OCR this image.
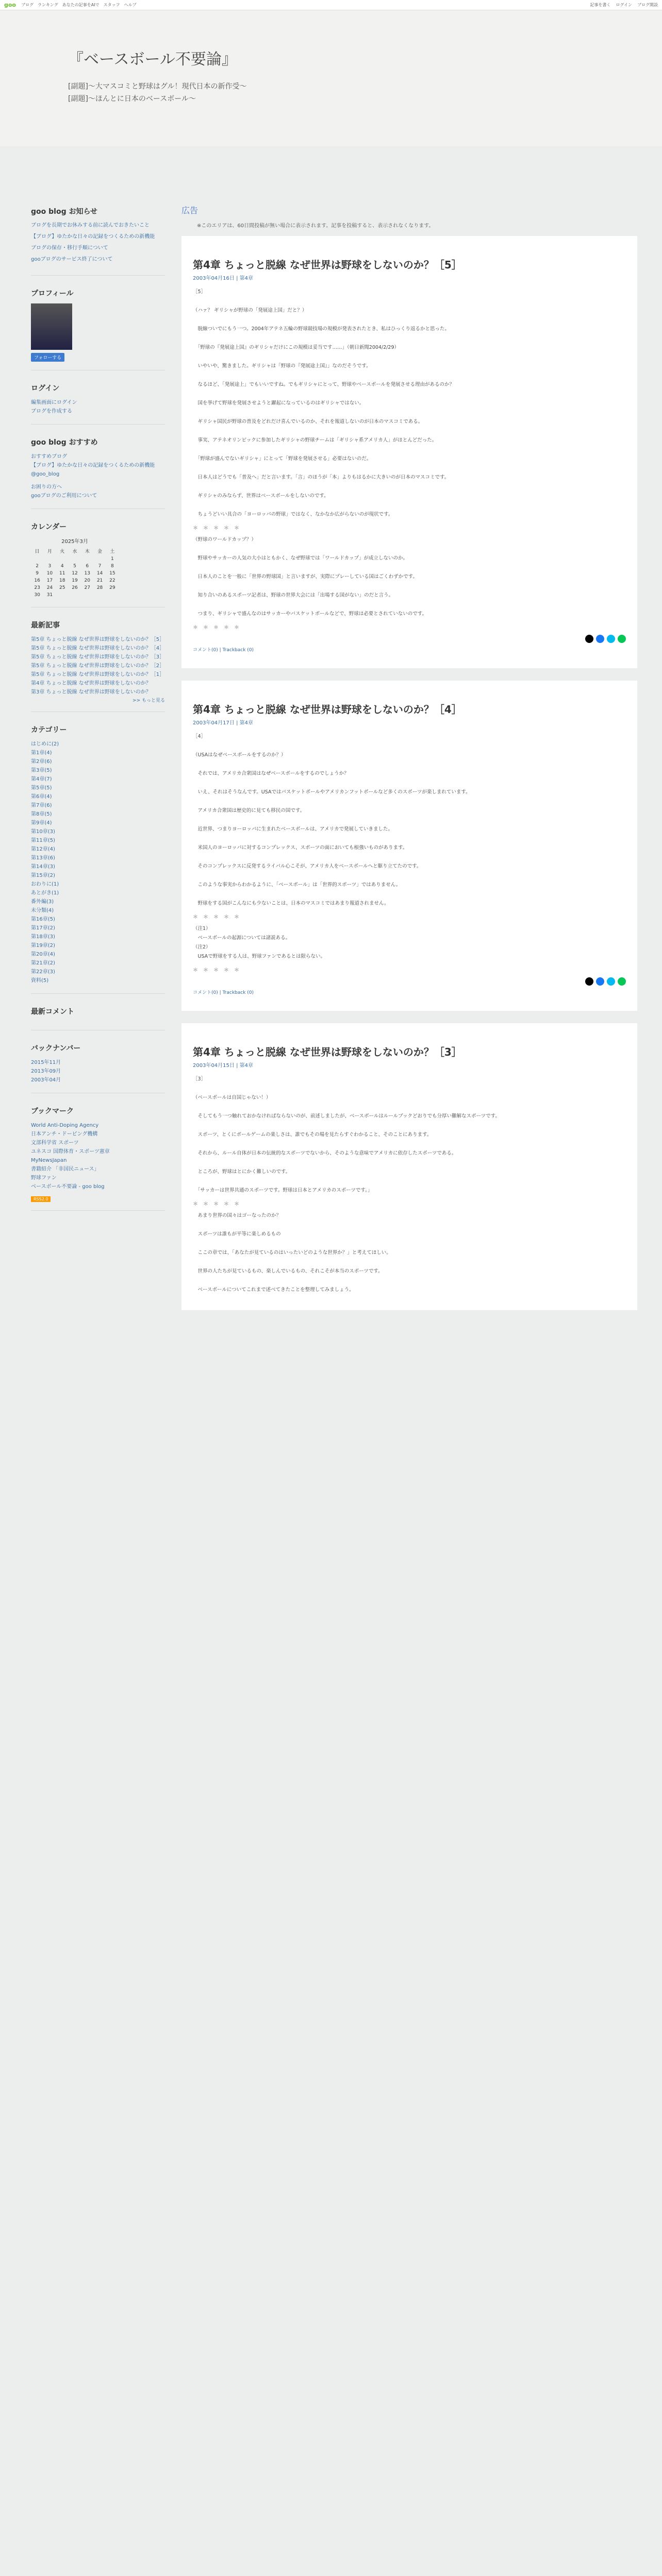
goo ブログ ランキング あなたの記事をAIで スタッフ ヘルプ	記事を書く ログイン ブログ開設
『ベースボール不要論』
[副題]〜大マスコミと野球はグル！現代日本の新作受〜
[副題]〜ほんとに日本のベースボール〜
goo blog お知らせ
ブログを長期でお休みする前に読んでおきたいこと
【ブログ】ゆたかな日々の記録をつくるための新機能
ブログの保存・移行手順について
gooブログのサービス終了について
プロフィール
フォローする
ログイン
編集画面にログイン
ブログを作成する
goo blog おすすめ
おすすめブログ
【ブログ】ゆたかな日々の記録をつくるための新機能
@goo_blog
お困りの方へ
gooブログのご利用について
カレンダー
2025年3月
日	月	火	水	木	金	土
						1
2	3	4	5	6	7	8
9	10	11	12	13	14	15
16	17	18	19	20	21	22
23	24	25	26	27	28	29
30	31					
最新記事
第5章 ちょっと脱線 なぜ世界は野球をしないのか？［5］
第5章 ちょっと脱線 なぜ世界は野球をしないのか？［4］
第5章 ちょっと脱線 なぜ世界は野球をしないのか？［3］
第5章 ちょっと脱線 なぜ世界は野球をしないのか？［2］
第5章 ちょっと脱線 なぜ世界は野球をしないのか？［1］
第4章 ちょっと脱線 なぜ世界は野球をしないのか？
第3章 ちょっと脱線 なぜ世界は野球をしないのか？
>> もっと見る
カテゴリー
はじめに(2)
第1章(4)
第2章(6)
第3章(5)
第4章(7)
第5章(5)
第6章(4)
第7章(6)
第8章(5)
第9章(4)
第10章(3)
第11章(5)
第12章(4)
第13章(6)
第14章(3)
第15章(2)
おわりに(1)
あとがき(1)
番外編(3)
未分類(4)
第16章(5)
第17章(2)
第18章(3)
第19章(2)
第20章(4)
第21章(2)
第22章(3)
資料(5)
最新コメント
バックナンバー
2015年11月
2013年09月
2003年04月
ブックマーク
World Anti-Doping Agency
日本アンチ・ドーピング機構
文部科学省 スポーツ
ユネスコ 国際体育・スポーツ憲章
MyNewsJapan
書籍紹介 「非国民ニュース」
野球ファン
ベースボール不要論 - goo blog
RSS2.0
広告
※このエリアは、60日間投稿が無い場合に表示されます。記事を投稿すると、表示されなくなります。
第4章 ちょっと脱線 なぜ世界は野球をしないのか？［5］
2003年04月16日 | 第4章
［5］

（ハァ？ ギリシャが野球の「発展途上国」だと？）

　脱線ついでにもう一つ。2004年アテネ五輪の野球競技場の規模が発表されたとき、私はひっくり返るかと思った。

　「野球の『発展途上国』のギリシャだけにこの規模は妥当です……」（朝日新聞2004/2/29）

　いやいや、驚きました。ギリシャは「野球の『発展途上国』」なのだそうです。

　なるほど、「発展途上」でもいいですね。でもギリシャにとって、野球やベースボールを発展させる理由があるのか？

　国を挙げて野球を発展させようと躍起になっているのはギリシャではない。

　ギリシャ国民が野球の普及をどれだけ喜んでいるのか、それを報道しないのが日本のマスコミである。

　事実、アテネオリンピックに参加したギリシャの野球チームは「ギリシャ系アメリカ人」がほとんどだった。

　「野球が盛んでないギリシャ」にとって「野球を発展させる」必要はないのだ。

　日本人はどうでも「普及へ」だと言います。「言」のほうが「本」よりもはるかに大きいのが日本のマスコミです。

　ギリシャのみならず、世界はベースボールをしないのです。

　ちょうどいい具合の「ヨーロッパの野球」ではなく、なかなか広がらないのが現状です。
＊　＊　＊　＊　＊
（野球のワールドカップ？）

　野球やサッカーの人気の大小はともかく、なぜ野球では「ワールドカップ」が成立しないのか。

　日本人のことを一般に「世界の野球国」と言いますが、実際にプレーしている国はごくわずかです。

　知り合いのあるスポーツ記者は、野球の世界大会には「出場する国がない」のだと言う。

　つまり、ギリシャで盛んなのはサッカーやバスケットボールなどで、野球は必要とされていないのです。
＊　＊　＊　＊　＊
コメント(0) | Trackback (0)
第4章 ちょっと脱線 なぜ世界は野球をしないのか？［4］
2003年04月17日 | 第4章
［4］

（USAはなぜベースボールをするのか？）

　それでは、アメリカ合衆国はなぜベースボールをするのでしょうか？

　いえ、それはそうなんです。USAではバスケットボールやアメリカンフットボールなど多くのスポーツが楽しまれています。

　アメリカ合衆国は歴史的に見ても移民の国です。

　近世界、つまりヨーロッパに生まれたベースボールは、アメリカで発展していきました。

　米国人のヨーロッパに対するコンプレックス、スポーツの面においても根強いものがあります。

　そのコンプレックスに反発するライバル心こそが、アメリカ人をベースボールへと駆り立てたのです。

　このような事実からわかるように、「ベースボール」は「世界的スポーツ」ではありません。

　野球をする国がこんなにも少ないことは、日本のマスコミではあまり報道されません。
＊　＊　＊　＊　＊
（注1）
　ベースボールの起源については諸説ある。
（注2）
　USAで野球をする人は、野球ファンであるとは限らない。
＊　＊　＊　＊　＊
コメント(0) | Trackback (0)
第4章 ちょっと脱線 なぜ世界は野球をしないのか？［3］
2003年04月15日 | 第4章
［3］

（ベースボールは自国じゃない！）

　そしてもう一つ触れておかなければならないのが、前述しましたが、ベースボールはルールブックどおりでも分厚い難解なスポーツです。

　スポーツ、とくにボールゲームの楽しさは、誰でもその場を見たらすぐわかること、そのことにあります。

　それから、ルール自体が日本の伝統的なスポーツでないから、そのような意味でアメリカに依存したスポーツである。

　ところが、野球はとにかく難しいのです。

　「サッカーは世界共通のスポーツです。野球は日本とアメリカのスポーツです。」
＊　＊　＊　＊　＊
　あまり世界の国々はゴーなったのか？

　スポーツは誰もが平等に楽しめるもの

　ここの章では、「あなたが見ているのはいったいどのような世界か？」と考えてほしい。

　世界の人たちが見ているもの、楽しんでいるもの、それこそが本当のスポーツです。

　ベースボールについてこれまで述べてきたことを整理してみましょう。
